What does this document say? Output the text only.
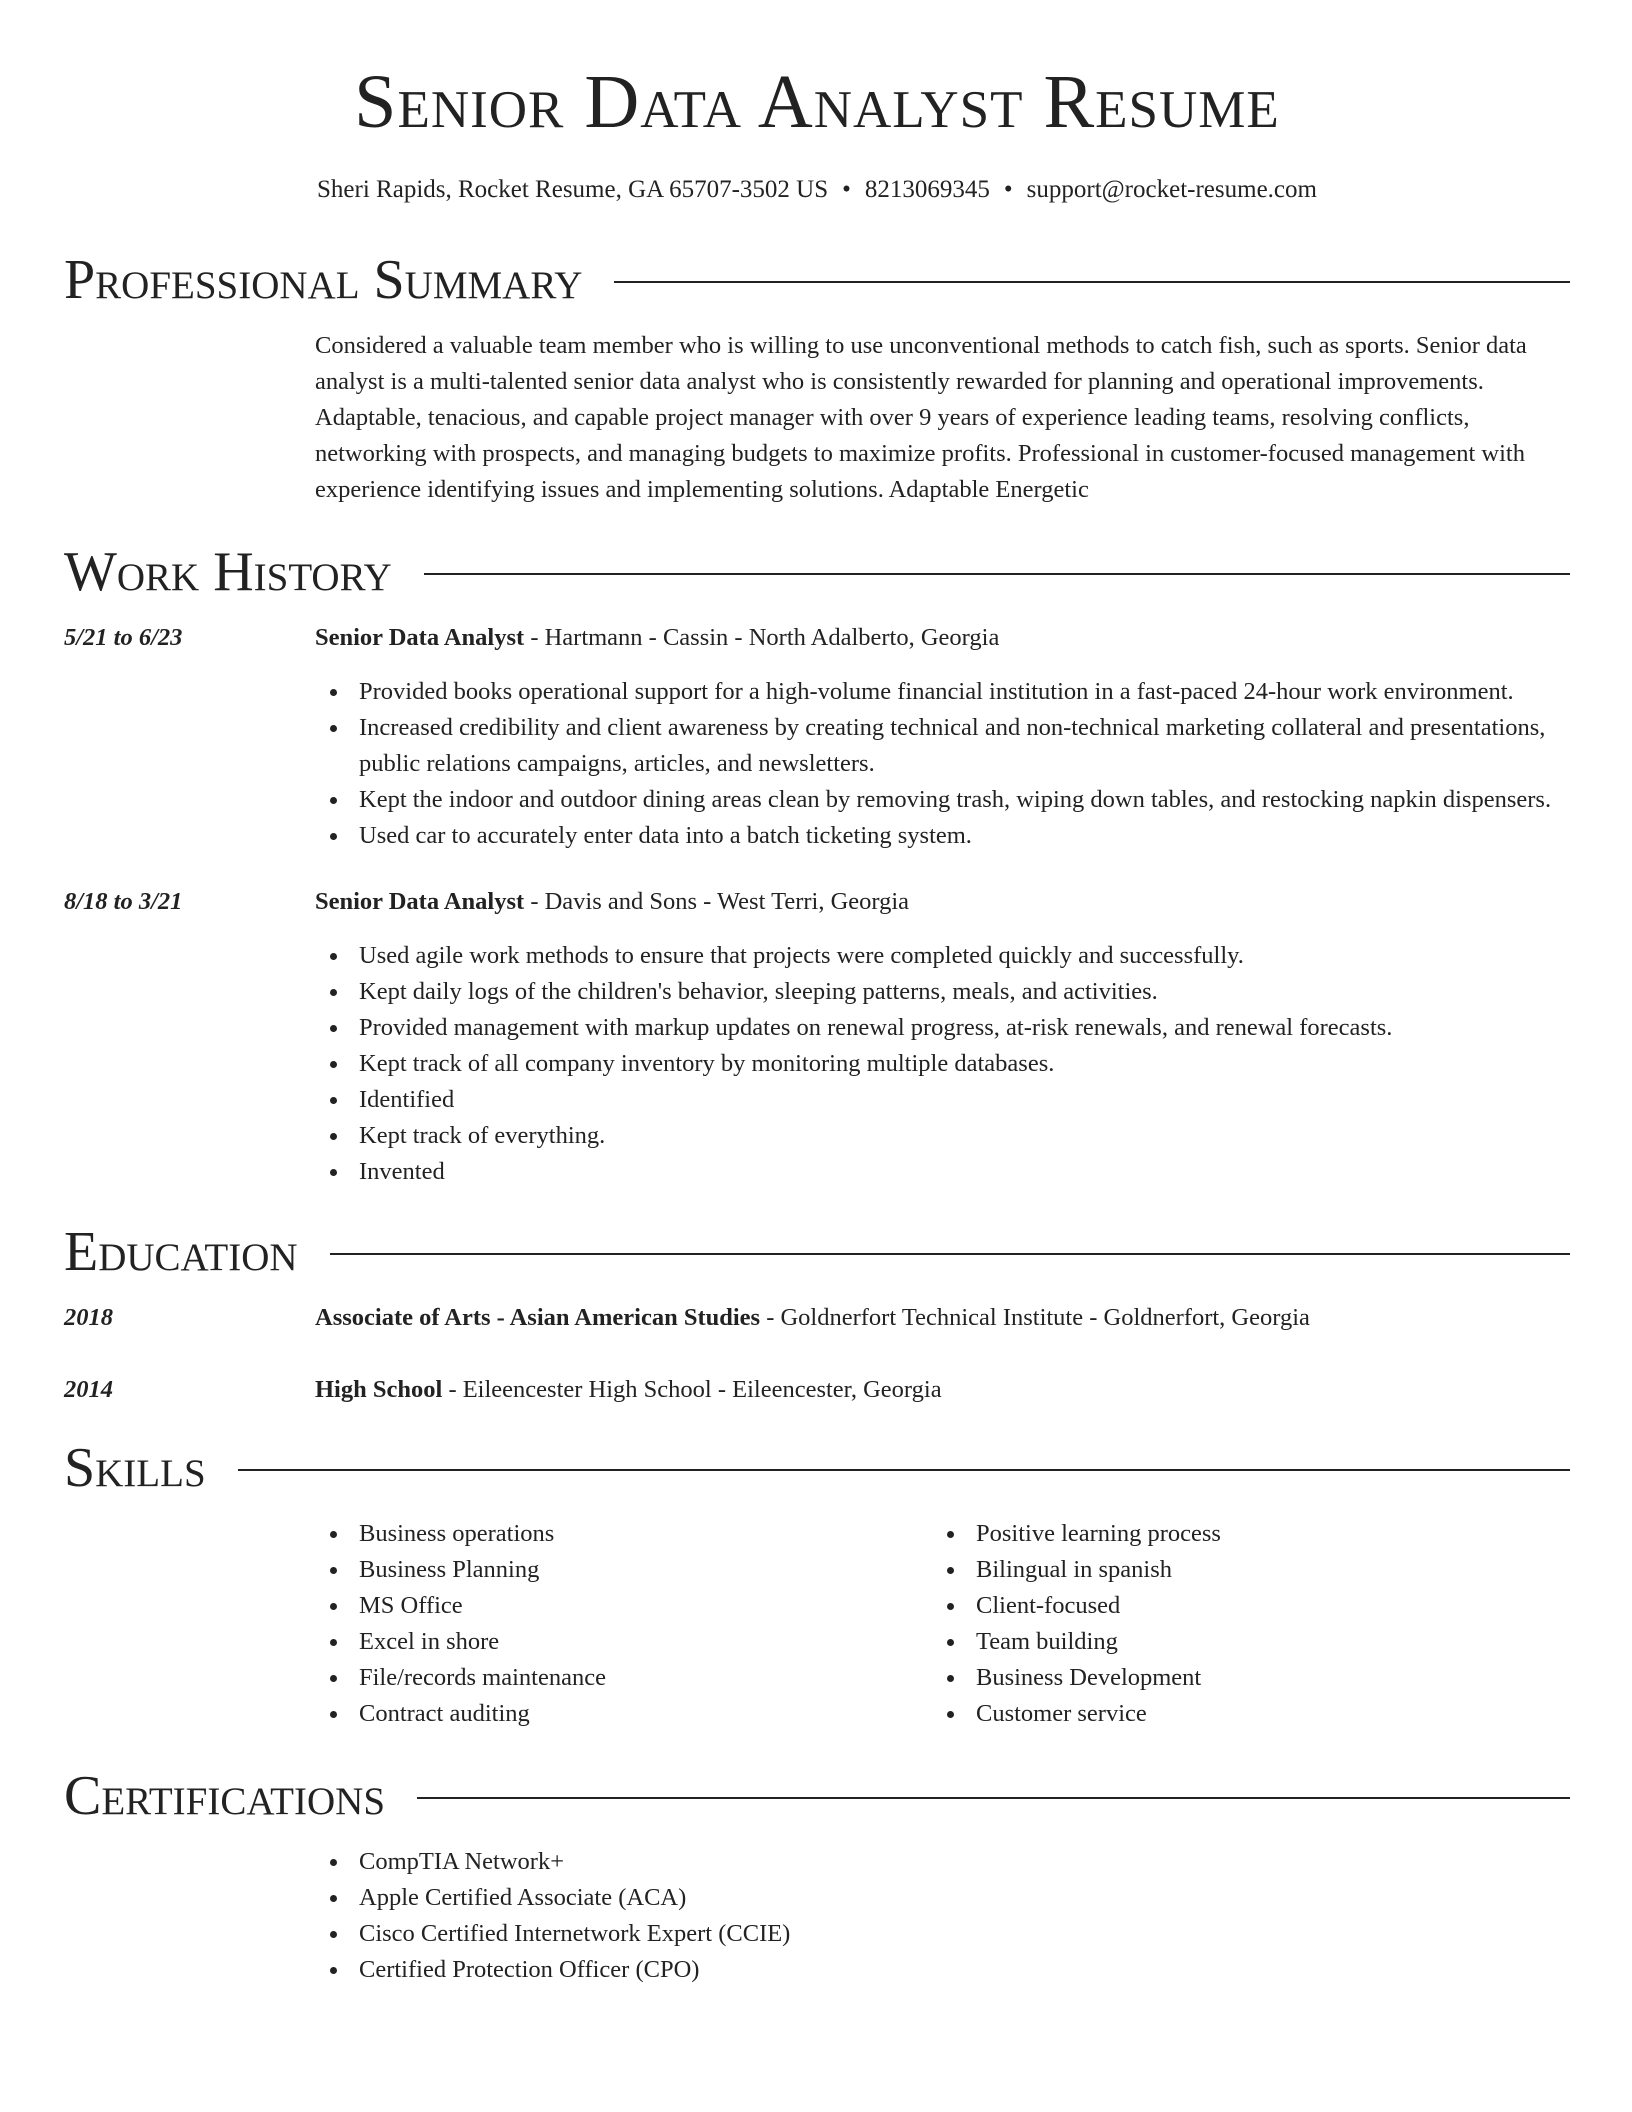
Senior Data Analyst Resume
Sheri Rapids, Rocket Resume, GA 65707-3502 US • 8213069345 • support@rocket-resume.com
Professional Summary
Considered a valuable team member who is willing to use unconventional methods to catch fish, such as sports. Senior data analyst is a multi-talented senior data analyst who is consistently rewarded for planning and operational improvements. Adaptable, tenacious, and capable project manager with over 9 years of experience leading teams, resolving conflicts, networking with prospects, and managing budgets to maximize profits. Professional in customer-focused management with experience identifying issues and implementing solutions. Adaptable Energetic
Work History
5/21 to 6/23	Senior Data Analyst - Hartmann - Cassin - North Adalberto, Georgia
Provided books operational support for a high-volume financial institution in a fast-paced 24-hour work environment.
Increased credibility and client awareness by creating technical and non-technical marketing collateral and presentations, public relations campaigns, articles, and newsletters.
Kept the indoor and outdoor dining areas clean by removing trash, wiping down tables, and restocking napkin dispensers.
Used car to accurately enter data into a batch ticketing system.
8/18 to 3/21	Senior Data Analyst - Davis and Sons - West Terri, Georgia
Used agile work methods to ensure that projects were completed quickly and successfully.
Kept daily logs of the children's behavior, sleeping patterns, meals, and activities.
Provided management with markup updates on renewal progress, at-risk renewals, and renewal forecasts.
Kept track of all company inventory by monitoring multiple databases.
Identified
Kept track of everything.
Invented
Education
2018	Associate of Arts - Asian American Studies - Goldnerfort Technical Institute - Goldnerfort, Georgia
2014	High School - Eileencester High School - Eileencester, Georgia
Skills
Business operations
Business Planning
MS Office
Excel in shore
File/records maintenance
Contract auditing
Positive learning process
Bilingual in spanish
Client-focused
Team building
Business Development
Customer service
Certifications
CompTIA Network+
Apple Certified Associate (ACA)
Cisco Certified Internetwork Expert (CCIE)
Certified Protection Officer (CPO)
